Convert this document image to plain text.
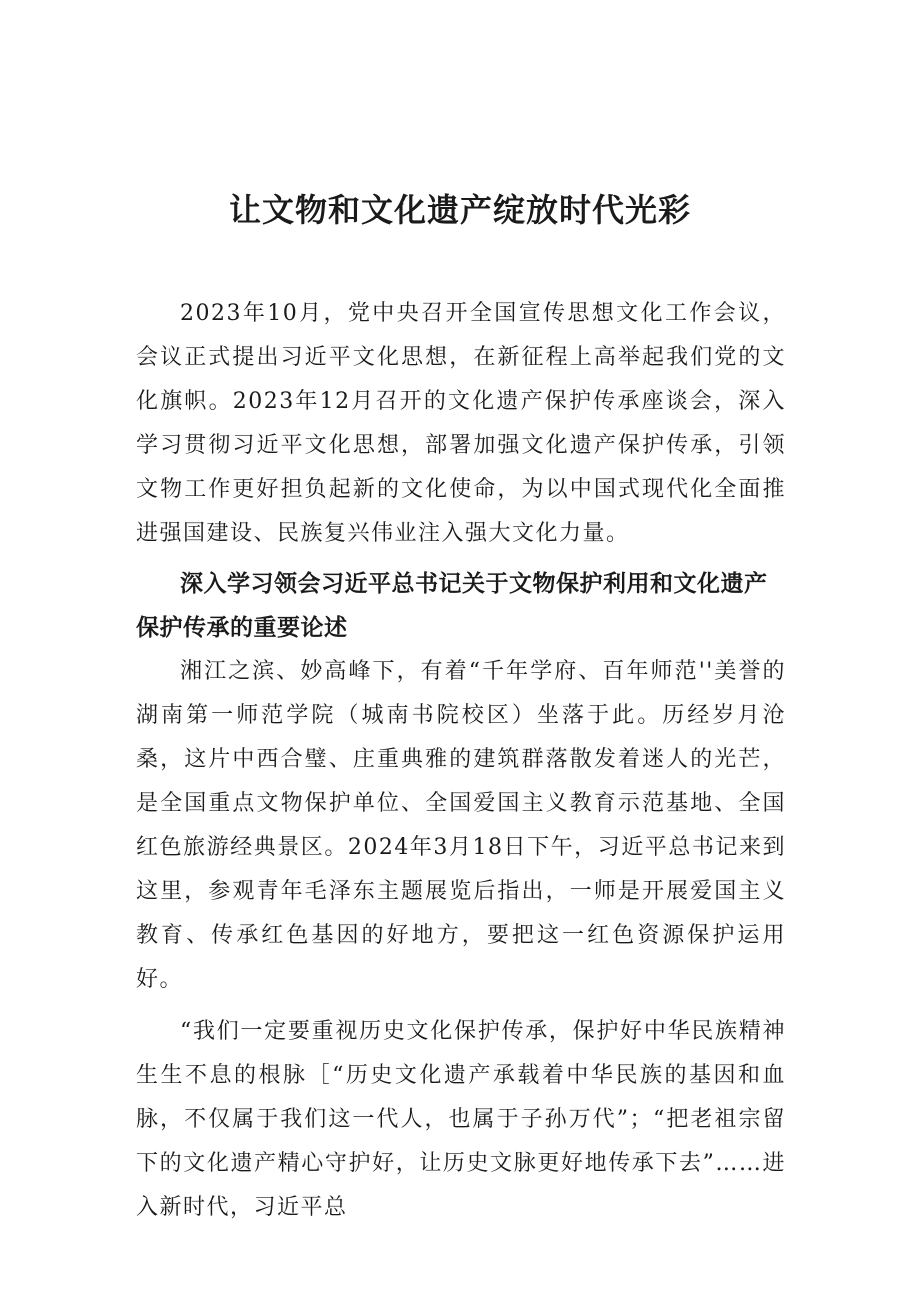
让文物和文化遗产绽放时代光彩

2023年10月，党中央召开全国宣传思想文化工作会议，会议正式提出习近平文化思想，在新征程上高举起我们党的文化旗帜。2023年12月召开的文化遗产保护传承座谈会，深入学习贯彻习近平文化思想，部署加强文化遗产保护传承，引领文物工作更好担负起新的文化使命，为以中国式现代化全面推进强国建设、民族复兴伟业注入强大文化力量。

深入学习领会习近平总书记关于文物保护利用和文化遗产保护传承的重要论述

湘江之滨、妙高峰下，有着“千年学府、百年师范''美誉的湖南第一师范学院（城南书院校区）坐落于此。历经岁月沧桑，这片中西合璧、庄重典雅的建筑群落散发着迷人的光芒，是全国重点文物保护单位、全国爱国主义教育示范基地、全国红色旅游经典景区。2024年3月18日下午，习近平总书记来到这里，参观青年毛泽东主题展览后指出，一师是开展爱国主义教育、传承红色基因的好地方，要把这一红色资源保护运用好。

“我们一定要重视历史文化保护传承，保护好中华民族精神生生不息的根脉［“历史文化遗产承载着中华民族的基因和血脉，不仅属于我们这一代人，也属于子孙万代”；“把老祖宗留下的文化遗产精心守护好，让历史文脉更好地传承下去”……进入新时代，习近平总
